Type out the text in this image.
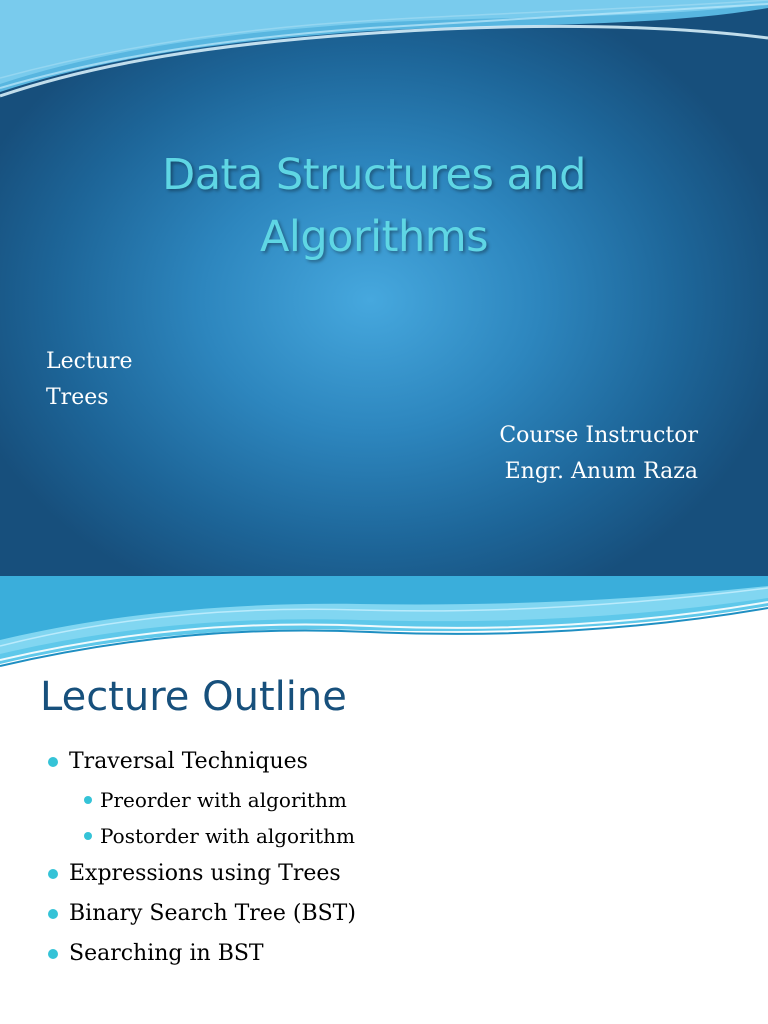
Data Structures and
Algorithms
Lecture
Trees
Course Instructor
Engr. Anum Raza
Lecture Outline
Traversal Techniques
Preorder with algorithm
Postorder with algorithm
Expressions using Trees
Binary Search Tree (BST)
Searching in BST
